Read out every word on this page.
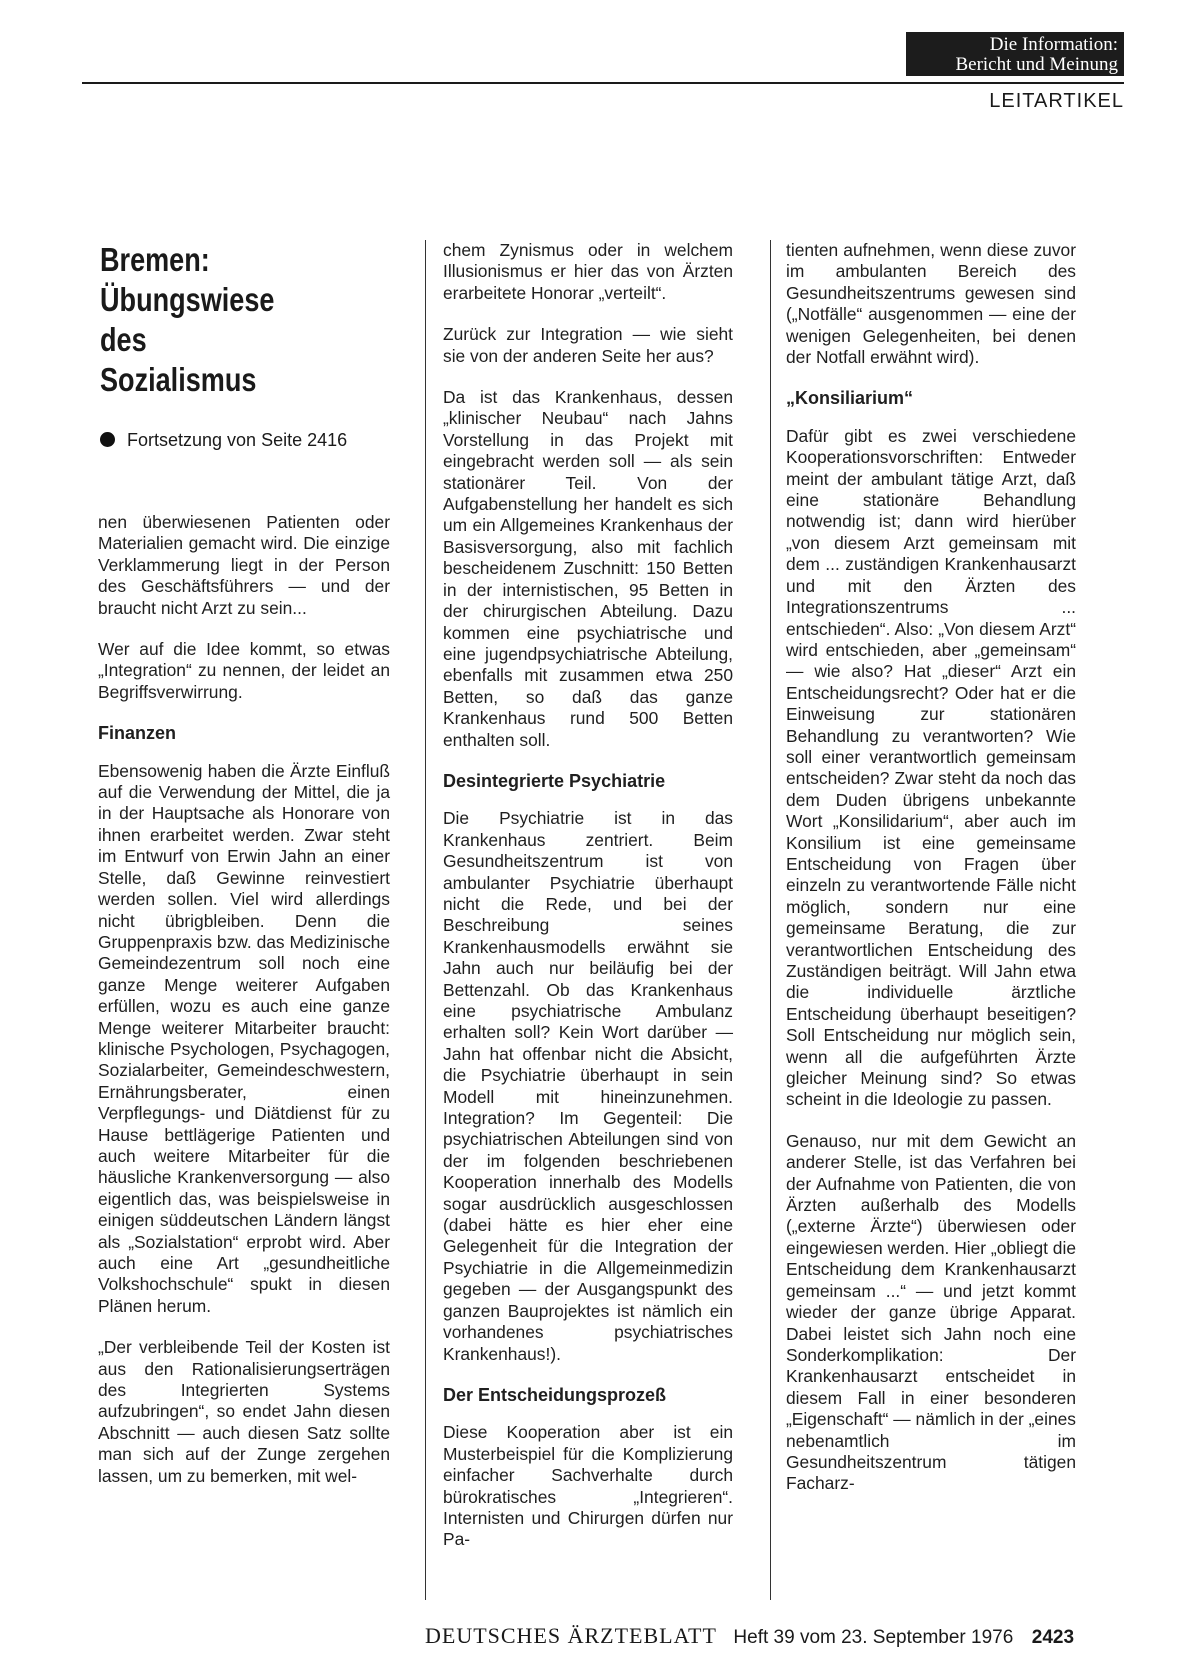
Die Information:
Bericht und Meinung
LEITARTIKEL
Bremen:
Übungswiese
des
Sozialismus
Fortsetzung von Seite 2416

nen überwiesenen Patienten oder Materialien gemacht wird. Die einzige Verklammerung liegt in der Person des Geschäftsführers — und der braucht nicht Arzt zu sein...

Wer auf die Idee kommt, so etwas „Integration“ zu nennen, der leidet an Begriffsverwirrung.

Finanzen

Ebensowenig haben die Ärzte Einfluß auf die Verwendung der Mittel, die ja in der Hauptsache als Honorare von ihnen erarbeitet werden. Zwar steht im Entwurf von Erwin Jahn an einer Stelle, daß Gewinne reinvestiert werden sollen. Viel wird allerdings nicht übrigbleiben. Denn die Gruppenpraxis bzw. das Medizinische Gemeindezentrum soll noch eine ganze Menge weiterer Aufgaben erfüllen, wozu es auch eine ganze Menge weiterer Mitarbeiter braucht: klinische Psychologen, Psychagogen, Sozialarbeiter, Gemeindeschwestern, Ernährungsberater, einen Verpflegungs- und Diätdienst für zu Hause bettlägerige Patienten und auch weitere Mitarbeiter für die häusliche Krankenversorgung — also eigentlich das, was beispielsweise in einigen süddeutschen Ländern längst als „Sozialstation“ erprobt wird. Aber auch eine Art „gesundheitliche Volkshochschule“ spukt in diesen Plänen herum.

„Der verbleibende Teil der Kosten ist aus den Rationalisierungserträgen des Integrierten Systems aufzubringen“, so endet Jahn diesen Abschnitt — auch diesen Satz sollte man sich auf der Zunge zergehen lassen, um zu bemerken, mit wel-

chem Zynismus oder in welchem Illusionismus er hier das von Ärzten erarbeitete Honorar „verteilt“.

Zurück zur Integration — wie sieht sie von der anderen Seite her aus?

Da ist das Krankenhaus, dessen „klinischer Neubau“ nach Jahns Vorstellung in das Projekt mit eingebracht werden soll — als sein stationärer Teil. Von der Aufgabenstellung her handelt es sich um ein Allgemeines Krankenhaus der Basisversorgung, also mit fachlich bescheidenem Zuschnitt: 150 Betten in der internistischen, 95 Betten in der chirurgischen Abteilung. Dazu kommen eine psychiatrische und eine jugendpsychiatrische Abteilung, ebenfalls mit zusammen etwa 250 Betten, so daß das ganze Krankenhaus rund 500 Betten enthalten soll.

Desintegrierte Psychiatrie

Die Psychiatrie ist in das Krankenhaus zentriert. Beim Gesundheitszentrum ist von ambulanter Psychiatrie überhaupt nicht die Rede, und bei der Beschreibung seines Krankenhausmodells erwähnt sie Jahn auch nur beiläufig bei der Bettenzahl. Ob das Krankenhaus eine psychiatrische Ambulanz erhalten soll? Kein Wort darüber — Jahn hat offenbar nicht die Absicht, die Psychiatrie überhaupt in sein Modell mit hineinzunehmen. Integration? Im Gegenteil: Die psychiatrischen Abteilungen sind von der im folgenden beschriebenen Kooperation innerhalb des Modells sogar ausdrücklich ausgeschlossen (dabei hätte es hier eher eine Gelegenheit für die Integration der Psychiatrie in die Allgemeinmedizin gegeben — der Ausgangspunkt des ganzen Bauprojektes ist nämlich ein vorhandenes psychiatrisches Krankenhaus!).

Der Entscheidungsprozeß

Diese Kooperation aber ist ein Musterbeispiel für die Komplizierung einfacher Sachverhalte durch bürokratisches „Integrieren“. Internisten und Chirurgen dürfen nur Pa-

tienten aufnehmen, wenn diese zuvor im ambulanten Bereich des Gesundheitszentrums gewesen sind („Notfälle“ ausgenommen — eine der wenigen Gelegenheiten, bei denen der Notfall erwähnt wird).

„Konsiliarium“

Dafür gibt es zwei verschiedene Kooperationsvorschriften: Entweder meint der ambulant tätige Arzt, daß eine stationäre Behandlung notwendig ist; dann wird hierüber „von diesem Arzt gemeinsam mit dem ... zuständigen Krankenhausarzt und mit den Ärzten des Integrationszentrums ... entschieden“. Also: „Von diesem Arzt“ wird entschieden, aber „gemeinsam“ — wie also? Hat „dieser“ Arzt ein Entscheidungsrecht? Oder hat er die Einweisung zur stationären Behandlung zu verantworten? Wie soll einer verantwortlich gemeinsam entscheiden? Zwar steht da noch das dem Duden übrigens unbekannte Wort „Konsilidarium“, aber auch im Konsilium ist eine gemeinsame Entscheidung von Fragen über einzeln zu verantwortende Fälle nicht möglich, sondern nur eine gemeinsame Beratung, die zur verantwortlichen Entscheidung des Zuständigen beiträgt. Will Jahn etwa die individuelle ärztliche Entscheidung überhaupt beseitigen? Soll Entscheidung nur möglich sein, wenn all die aufgeführten Ärzte gleicher Meinung sind? So etwas scheint in die Ideologie zu passen.

Genauso, nur mit dem Gewicht an anderer Stelle, ist das Verfahren bei der Aufnahme von Patienten, die von Ärzten außerhalb des Modells („externe Ärzte“) überwiesen oder eingewiesen werden. Hier „obliegt die Entscheidung dem Krankenhausarzt gemeinsam ...“ — und jetzt kommt wieder der ganze übrige Apparat. Dabei leistet sich Jahn noch eine Sonderkomplikation: Der Krankenhausarzt entscheidet in diesem Fall in einer besonderen „Eigenschaft“ — nämlich in der „eines nebenamtlich im Gesundheitszentrum tätigen Facharz-

DEUTSCHES ÄRZTEBLATT Heft 39 vom 23. September 1976 2423
